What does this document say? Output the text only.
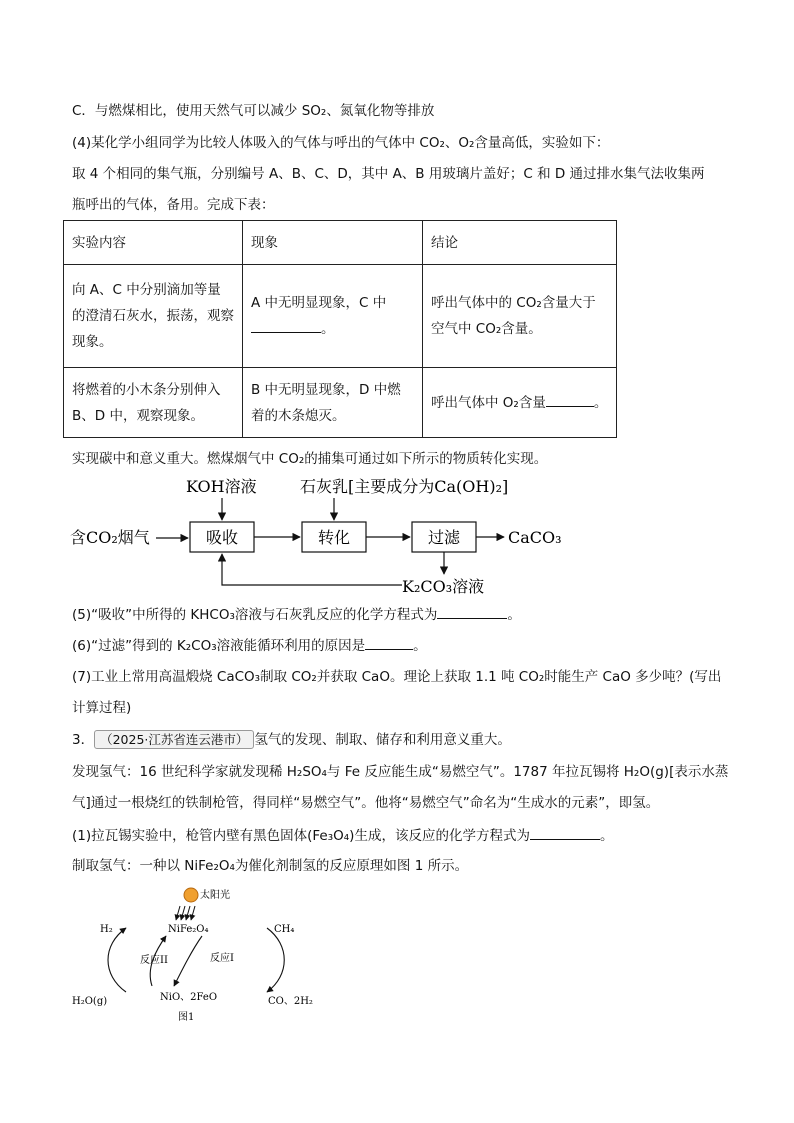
C．与燃煤相比，使用天然气可以减少 SO₂、氮氧化物等排放
(4)某化学小组同学为比较人体吸入的气体与呼出的气体中 CO₂、O₂含量高低，实验如下：
取 4 个相同的集气瓶，分别编号 A、B、C、D，其中 A、B 用玻璃片盖好；C 和 D 通过排水集气法收集两
瓶呼出的气体，备用。完成下表：
实验内容	现象	结论
向 A、C 中分别滴加等量的澄清石灰水，振荡，观察现象。	A 中无明显现象，C 中。	呼出气体中的 CO₂含量大于空气中 CO₂含量。
将燃着的小木条分别伸入 B、D 中，观察现象。	B 中无明显现象，D 中燃着的木条熄灭。	呼出气体中 O₂含量 。
实现碳中和意义重大。燃煤烟气中 CO₂的捕集可通过如下所示的物质转化实现。
KOH溶液	石灰乳[主要成分为Ca(OH)₂]
含CO₂烟气	吸收	转化	过滤	CaCO₃
K₂CO₃溶液
(5)“吸收”中所得的 KHCO₃溶液与石灰乳反应的化学方程式为	。
(6)“过滤”得到的 K₂CO₃溶液能循环利用的原因是	。
(7)工业上常用高温煅烧 CaCO₃制取 CO₂并获取 CaO。理论上获取 1.1 吨 CO₂时能生产 CaO 多少吨？(写出
计算过程)
3． （2025·江苏省连云港市） 氢气的发现、制取、储存和利用意义重大。
发现氢气：16 世纪科学家就发现稀 H₂SO₄与 Fe 反应能生成“易燃空气”。1787 年拉瓦锡将 H₂O(g)[表示水蒸
气]通过一根烧红的铁制枪管，得同样“易燃空气”。他将“易燃空气”命名为“生成水的元素”，即氢。
(1)拉瓦锡实验中，枪管内壁有黑色固体(Fe₃O₄)生成，该反应的化学方程式为	。
制取氢气：一种以 NiFe₂O₄为催化剂制氢的反应原理如图 1 所示。
太阳光
H₂	NiFe₂O₄	CH₄
反应II	反应I
H₂O(g)	NiO、2FeO	CO、2H₂
图1
